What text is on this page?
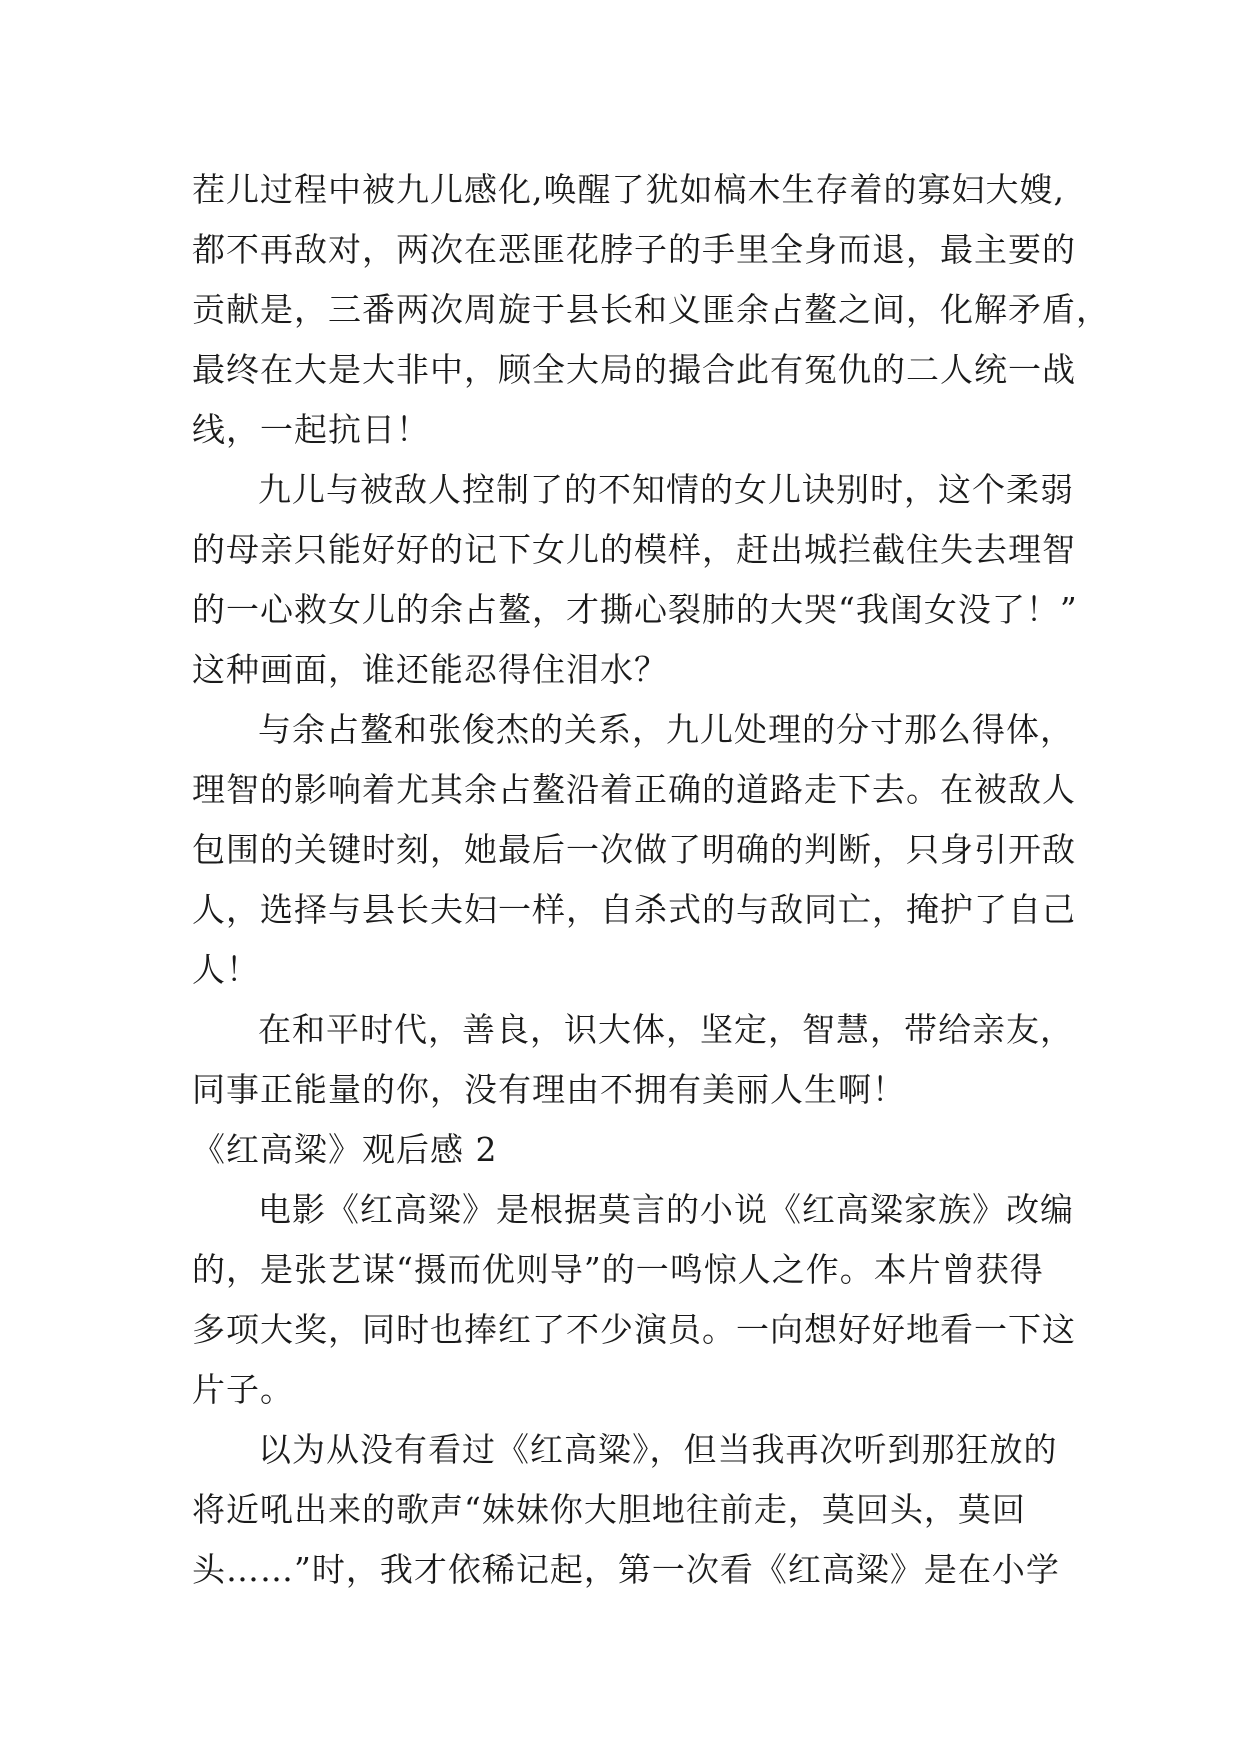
茬儿过程中被九儿感化,唤醒了犹如槁木生存着的寡妇大嫂,
都不再敌对，两次在恶匪花脖子的手里全身而退，最主要的
贡献是，三番两次周旋于县长和义匪余占鳌之间，化解矛盾，
最终在大是大非中，顾全大局的撮合此有冤仇的二人统一战
线，一起抗日！
九儿与被敌人控制了的不知情的女儿诀别时，这个柔弱
的母亲只能好好的记下女儿的模样，赶出城拦截住失去理智
的一心救女儿的余占鳌，才撕心裂肺的大哭“我闺女没了！”
这种画面，谁还能忍得住泪水？
与余占鳌和张俊杰的关系，九儿处理的分寸那么得体，
理智的影响着尤其余占鳌沿着正确的道路走下去。在被敌人
包围的关键时刻，她最后一次做了明确的判断，只身引开敌
人，选择与县长夫妇一样，自杀式的与敌同亡，掩护了自己
人！
在和平时代，善良，识大体，坚定，智慧，带给亲友，
同事正能量的你，没有理由不拥有美丽人生啊！
《红高粱》观后感 2
电影《红高粱》是根据莫言的小说《红高粱家族》改编
的，是张艺谋“摄而优则导”的一鸣惊人之作。本片曾获得
多项大奖，同时也捧红了不少演员。一向想好好地看一下这
片子。
以为从没有看过《红高粱》，但当我再次听到那狂放的
将近吼出来的歌声“妹妹你大胆地往前走，莫回头，莫回
头……”时，我才依稀记起，第一次看《红高粱》是在小学
